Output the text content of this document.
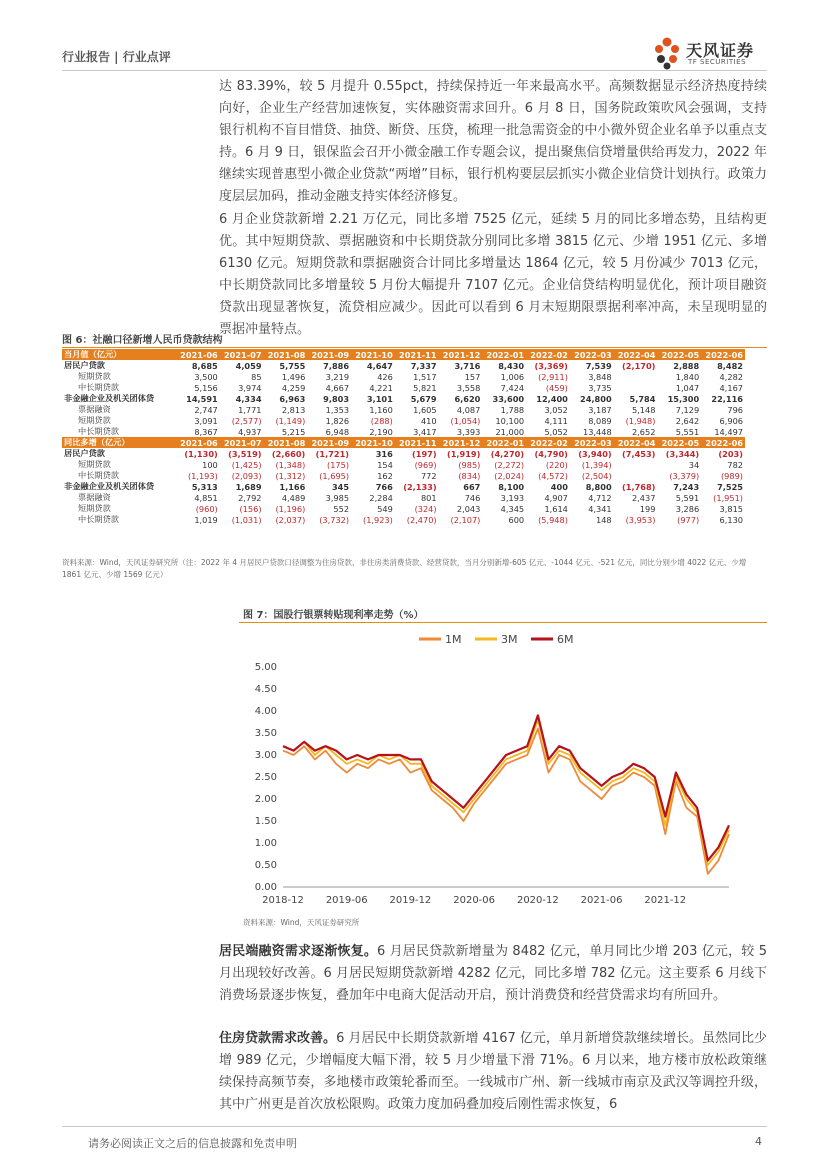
行业报告 | 行业点评	天风证券
TF SECURITIES

达 83.39%，较 5 月提升 0.55pct，持续保持近一年来最高水平。高频数据显示经济热度持续向好，企业生产经营加速恢复，实体融资需求回升。6 月 8 日，国务院政策吹风会强调，支持银行机构不盲目惜贷、抽贷、断贷、压贷，梳理一批急需资金的中小微外贸企业名单予以重点支持。6 月 9 日，银保监会召开小微金融工作专题会议，提出聚焦信贷增量供给再发力，2022 年继续实现普惠型小微企业贷款“两增”目标，银行机构要层层抓实小微企业信贷计划执行。政策力度层层加码，推动金融支持实体经济修复。

6 月企业贷款新增 2.21 万亿元，同比多增 7525 亿元，延续 5 月的同比多增态势，且结构更优。其中短期贷款、票据融资和中长期贷款分别同比多增 3815 亿元、少增 1951 亿元、多增 6130 亿元。短期贷款和票据融资合计同比多增量达 1864 亿元，较 5 月份减少 7013 亿元，中长期贷款同比多增量较 5 月份大幅提升 7107 亿元。企业信贷结构明显优化，预计项目融资贷款出现显著恢复，流贷相应减少。因此可以看到 6 月末短期限票据利率冲高，未呈现明显的票据冲量特点。

图 6：社融口径新增人民币贷款结构
当月值（亿元）	2021-06	2021-07	2021-08	2021-09	2021-10	2021-11	2021-12	2022-01	2022-02	2022-03	2022-04	2022-05	2022-06
居民户贷款	8,685	4,059	5,755	7,886	4,647	7,337	3,716	8,430	(3,369)	7,539	(2,170)	2,888	8,482
短期贷款	3,500	85	1,496	3,219	426	1,517	157	1,006	(2,911)	3,848		1,840	4,282
中长期贷款	5,156	3,974	4,259	4,667	4,221	5,821	3,558	7,424	(459)	3,735		1,047	4,167
非金融企业及机关团体贷	14,591	4,334	6,963	9,803	3,101	5,679	6,620	33,600	12,400	24,800	5,784	15,300	22,116
票据融资	2,747	1,771	2,813	1,353	1,160	1,605	4,087	1,788	3,052	3,187	5,148	7,129	796
短期贷款	3,091	(2,577)	(1,149)	1,826	(288)	410	(1,054)	10,100	4,111	8,089	(1,948)	2,642	6,906
中长期贷款	8,367	4,937	5,215	6,948	2,190	3,417	3,393	21,000	5,052	13,448	2,652	5,551	14,497
同比多增（亿元）	2021-06	2021-07	2021-08	2021-09	2021-10	2021-11	2021-12	2022-01	2022-02	2022-03	2022-04	2022-05	2022-06
居民户贷款	(1,130)	(3,519)	(2,660)	(1,721)	316	(197)	(1,919)	(4,270)	(4,790)	(3,940)	(7,453)	(3,344)	(203)
短期贷款	100	(1,425)	(1,348)	(175)	154	(969)	(985)	(2,272)	(220)	(1,394)		34	782
中长期贷款	(1,193)	(2,093)	(1,312)	(1,695)	162	772	(834)	(2,024)	(4,572)	(2,504)		(3,379)	(989)
非金融企业及机关团体贷	5,313	1,689	1,166	345	766	(2,133)	667	8,100	400	8,800	(1,768)	7,243	7,525
票据融资	4,851	2,792	4,489	3,985	2,284	801	746	3,193	4,907	4,712	2,437	5,591	(1,951)
短期贷款	(960)	(156)	(1,196)	552	549	(324)	2,043	4,345	1,614	4,341	199	3,286	3,815
中长期贷款	1,019	(1,031)	(2,037)	(3,732)	(1,923)	(2,470)	(2,107)	600	(5,948)	148	(3,953)	(977)	6,130
资料来源：Wind，天风证券研究所（注：2022 年 4 月居民户贷款口径调整为住房贷款、非住房类消费贷款、经营贷款，当月分别新增-605 亿元、-1044 亿元、-521 亿元，同比分别少增 4022 亿元、少增 1861 亿元、少增 1569 亿元）
图 7：国股行银票转贴现利率走势（%）
5.00
4.50
4.00
3.50
3.00
2.50
2.00
1.50
1.00
0.50
0.00
2018-12 2019-06 2019-12 2020-06 2020-12 2021-06 2021-12
1M	3M	6M
资料来源：Wind，天风证券研究所

居民端融资需求逐渐恢复。6 月居民贷款新增量为 8482 亿元，单月同比少增 203 亿元，较 5 月出现较好改善。6 月居民短期贷款新增 4282 亿元，同比多增 782 亿元。这主要系 6 月线下消费场景逐步恢复，叠加年中电商大促活动开启，预计消费贷和经营贷需求均有所回升。

住房贷款需求改善。6 月居民中长期贷款新增 4167 亿元，单月新增贷款继续增长。虽然同比少增 989 亿元，少增幅度大幅下滑，较 5 月少增量下滑 71%。6 月以来，地方楼市放松政策继续保持高频节奏，多地楼市政策轮番而至。一线城市广州、新一线城市南京及武汉等调控升级，其中广州更是首次放松限购。政策力度加码叠加疫后刚性需求恢复，6

请务必阅读正文之后的信息披露和免责申明	4
